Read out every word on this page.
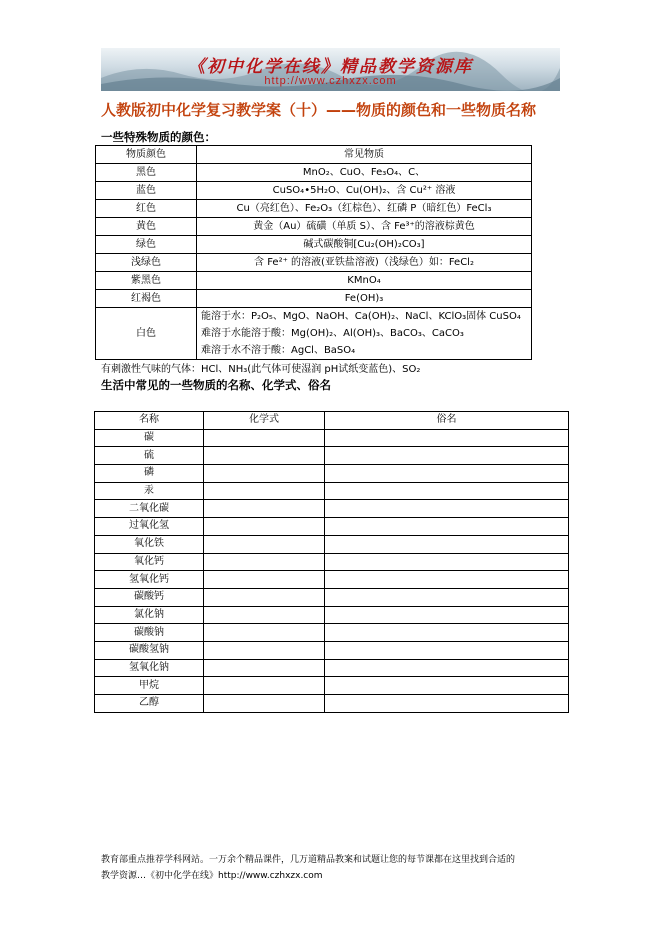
《初中化学在线》精品教学资源库
http://www.czhxzx.com
人教版初中化学复习教学案（十）——物质的颜色和一些物质名称
一些特殊物质的颜色：
物质颜色	常见物质
黑色	MnO₂、CuO、Fe₃O₄、C、
蓝色	CuSO₄•5H₂O、Cu(OH)₂、含 Cu²⁺ 溶液
红色	Cu（亮红色）、Fe₂O₃（红棕色）、红磷 P（暗红色）FeCl₃
黄色	黄金（Au）硫磺（单质 S）、含 Fe³⁺的溶液棕黄色
绿色	碱式碳酸铜[Cu₂(OH)₂CO₃]
浅绿色	含 Fe²⁺ 的溶液(亚铁盐溶液)（浅绿色）如：FeCl₂
紫黑色	KMnO₄
红褐色	Fe(OH)₃
白色	能溶于水：P₂O₅、MgO、NaOH、Ca(OH)₂、NaCl、KClO₃固体 CuSO₄
难溶于水能溶于酸：Mg(OH)₂、Al(OH)₃、BaCO₃、CaCO₃
难溶于水不溶于酸：AgCl、BaSO₄
有刺激性气味的气体：HCl、NH₃(此气体可使湿润 pH试纸变蓝色)、SO₂
生活中常见的一些物质的名称、化学式、俗名
名称	化学式	俗名
碳		
硫		
磷		
汞		
二氧化碳		
过氧化氢		
氧化铁		
氧化钙		
氢氧化钙		
碳酸钙		
氯化钠		
碳酸钠		
碳酸氢钠		
氢氧化钠		
甲烷		
乙醇		
教育部重点推荐学科网站。一万余个精品课件，几万道精品教案和试题让您的每节课都在这里找到合适的
教学资源…《初中化学在线》http://www.czhxzx.com
